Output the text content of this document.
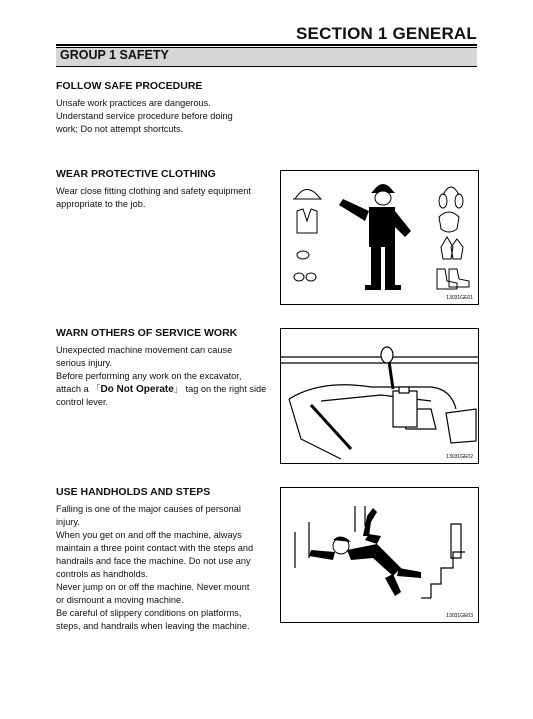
SECTION 1 GENERAL
GROUP 1 SAFETY
FOLLOW SAFE PROCEDURE

Unsafe work practices are dangerous.

Understand service procedure before doing

work; Do not attempt shortcuts.

WEAR PROTECTIVE CLOTHING

Wear close fitting clothing and safety equipment

appropriate to the job.

13031GE01
WARN OTHERS OF SERVICE WORK

Unexpected machine movement can cause

serious injury.

Before performing any work on the excavator,

attach a 「Do Not Operate」 tag on the right side

control lever.

13031GE02
USE HANDHOLDS AND STEPS

Falling is one of the major causes of personal

injury.

When you get on and off the machine, always

maintain a three point contact with the steps and

handrails and face the machine. Do not use any

controls as handholds.

Never jump on or off the machine. Never mount

or dismount a moving machine.

Be careful of slippery conditions on platforms,

steps, and handrails when leaving the machine.

13031GE03
